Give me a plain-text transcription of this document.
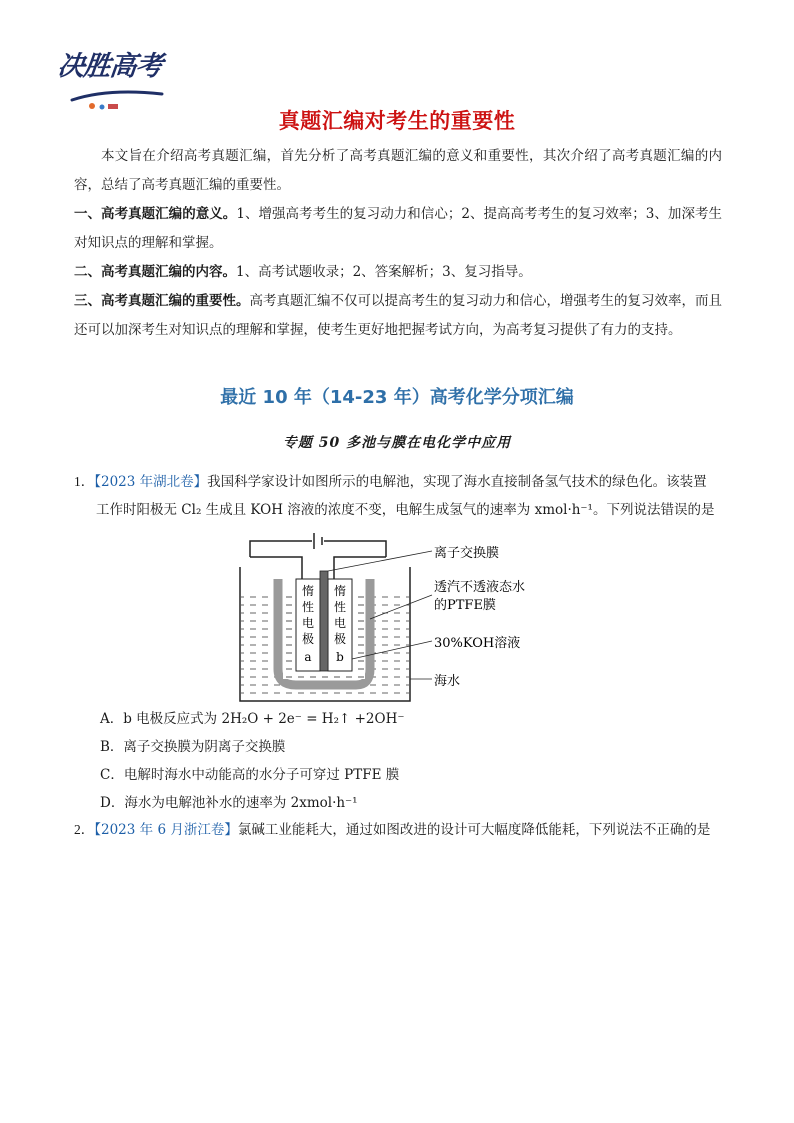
决胜高考
真题汇编对考生的重要性
本文旨在介绍高考真题汇编，首先分析了高考真题汇编的意义和重要性，其次介绍了高考真题汇编的内容，总结了高考真题汇编的重要性。
一、高考真题汇编的意义。1、增强高考考生的复习动力和信心；2、提高高考考生的复习效率；3、加深考生对知识点的理解和掌握。
二、高考真题汇编的内容。1、高考试题收录；2、答案解析；3、复习指导。
三、高考真题汇编的重要性。高考真题汇编不仅可以提高考生的复习动力和信心，增强考生的复习效率，而且还可以加深考生对知识点的理解和掌握，使考生更好地把握考试方向，为高考复习提供了有力的支持。
最近 10 年（14-23 年）高考化学分项汇编
专题 50 多池与膜在电化学中应用
1．【2023 年湖北卷】我国科学家设计如图所示的电解池，实现了海水直接制备氢气技术的绿色化。该装置
工作时阳极无 Cl₂ 生成且 KOH 溶液的浓度不变，电解生成氢气的速率为 xmol·h⁻¹。下列说法错误的是
离子交换膜
透汽不透液态水
的PTFE膜
30%KOH溶液
海水
惰
性
电
极
a
惰
性
电
极
b
A．b 电极反应式为 2H₂O + 2e⁻ = H₂↑ +2OH⁻
B．离子交换膜为阴离子交换膜
C．电解时海水中动能高的水分子可穿过 PTFE 膜
D．海水为电解池补水的速率为 2xmol·h⁻¹
2．【2023 年 6 月浙江卷】氯碱工业能耗大，通过如图改进的设计可大幅度降低能耗，下列说法不正确的是
